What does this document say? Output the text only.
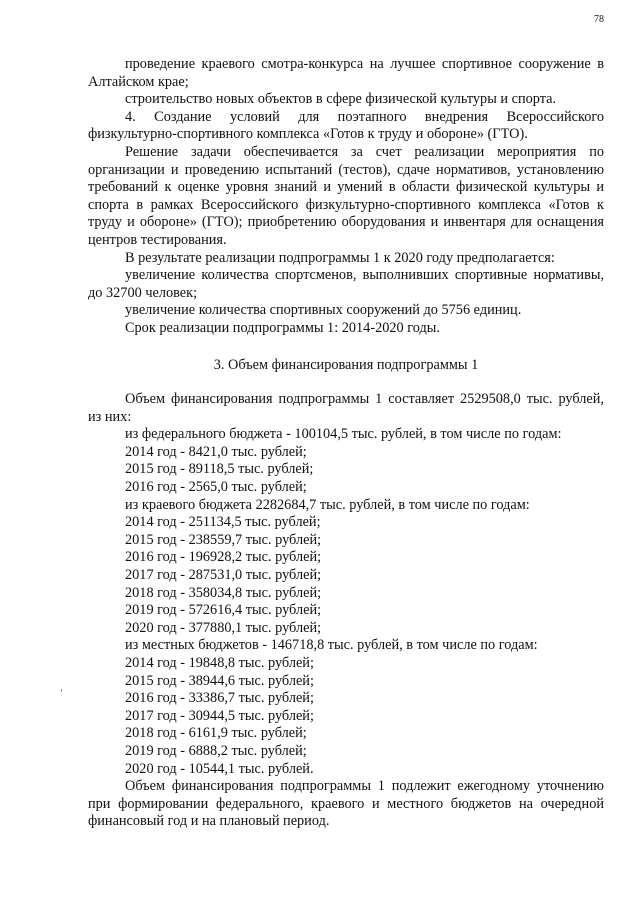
78

проведение краевого смотра-конкурса на лучшее спортивное сооружение в Алтайском крае;

строительство новых объектов в сфере физической культуры и спорта.

4. Создание условий для поэтапного внедрения Всероссийского физкультурно-спортивного комплекса «Готов к труду и обороне» (ГТО).

Решение задачи обеспечивается за счет реализации мероприятия по организации и проведению испытаний (тестов), сдаче нормативов, установлению требований к оценке уровня знаний и умений в области физической культуры и спорта в рамках Всероссийского физкультурно-спортивного комплекса «Готов к труду и обороне» (ГТО); приобретению оборудования и инвентаря для оснащения центров тестирования.

В результате реализации подпрограммы 1 к 2020 году предполагается:

увеличение количества спортсменов, выполнивших спортивные нормативы, до 32700 человек;

увеличение количества спортивных сооружений до 5756 единиц.

Срок реализации подпрограммы 1: 2014-2020 годы.

3. Объем финансирования подпрограммы 1

Объем финансирования подпрограммы 1 составляет 2529508,0 тыс. рублей, из них:

из федерального бюджета - 100104,5 тыс. рублей, в том числе по годам:

2014 год - 8421,0 тыс. рублей;

2015 год - 89118,5 тыс. рублей;

2016 год - 2565,0 тыс. рублей;

из краевого бюджета 2282684,7 тыс. рублей, в том числе по годам:

2014 год - 251134,5 тыс. рублей;

2015 год - 238559,7 тыс. рублей;

2016 год - 196928,2 тыс. рублей;

2017 год - 287531,0 тыс. рублей;

2018 год - 358034,8 тыс. рублей;

2019 год - 572616,4 тыс. рублей;

2020 год - 377880,1 тыс. рублей;

из местных бюджетов - 146718,8 тыс. рублей, в том числе по годам:

2014 год - 19848,8 тыс. рублей;

2015 год - 38944,6 тыс. рублей;

2016 год - 33386,7 тыс. рублей;

2017 год - 30944,5 тыс. рублей;

2018 год - 6161,9 тыс. рублей;

2019 год - 6888,2 тыс. рублей;

2020 год - 10544,1 тыс. рублей.

Объем финансирования подпрограммы 1 подлежит ежегодному уточнению при формировании федерального, краевого и местного бюджетов на очередной финансовый год и на плановый период.
